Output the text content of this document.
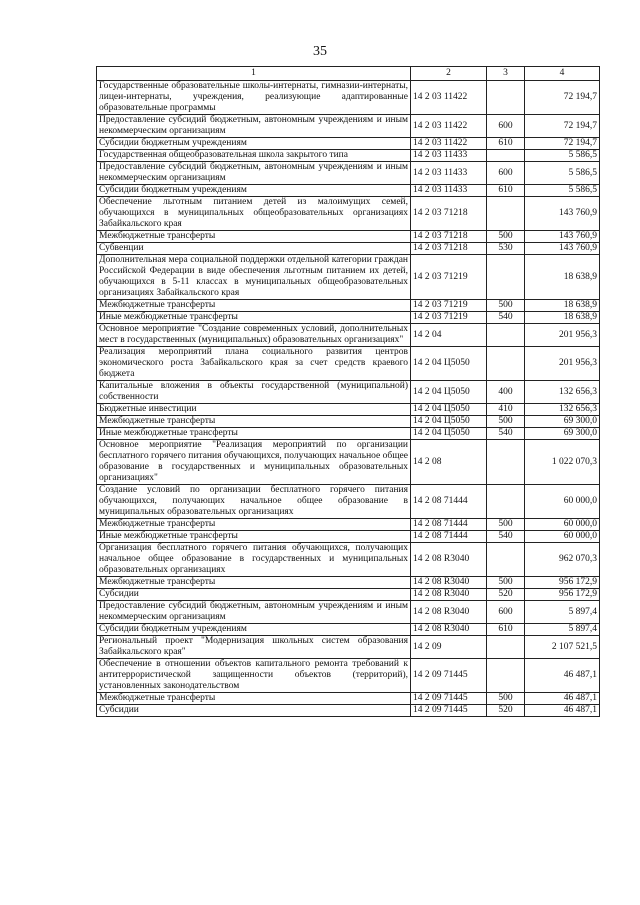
35
1	2	3	4
Государственные образовательные школы-интернаты, гимназии-интернаты, лицеи-интернаты, учреждения, реализующие адаптированные образовательные программы	14 2 03 11422		72 194,7
Предоставление субсидий бюджетным, автономным учреждениям и иным некоммерческим организациям	14 2 03 11422	600	72 194,7
Субсидии бюджетным учреждениям	14 2 03 11422	610	72 194,7
Государственная общеобразовательная школа закрытого типа	14 2 03 11433		5 586,5
Предоставление субсидий бюджетным, автономным учреждениям и иным некоммерческим организациям	14 2 03 11433	600	5 586,5
Субсидии бюджетным учреждениям	14 2 03 11433	610	5 586,5
Обеспечение льготным питанием детей из малоимущих семей, обучающихся в муниципальных общеобразовательных организациях Забайкальского края	14 2 03 71218		143 760,9
Межбюджетные трансферты	14 2 03 71218	500	143 760,9
Субвенции	14 2 03 71218	530	143 760,9
Дополнительная мера социальной поддержки отдельной категории граждан Российской Федерации в виде обеспечения льготным питанием их детей, обучающихся в 5-11 классах в муниципальных общеобразовательных организациях Забайкальского края	14 2 03 71219		18 638,9
Межбюджетные трансферты	14 2 03 71219	500	18 638,9
Иные межбюджетные трансферты	14 2 03 71219	540	18 638,9
Основное мероприятие "Создание современных условий, дополнительных мест в государственных (муниципальных) образовательных организациях"	14 2 04		201 956,3
Реализация мероприятий плана социального развития центров экономического роста Забайкальского края за счет средств краевого бюджета	14 2 04 Ц5050		201 956,3
Капитальные вложения в объекты государственной (муниципальной) собственности	14 2 04 Ц5050	400	132 656,3
Бюджетные инвестиции	14 2 04 Ц5050	410	132 656,3
Межбюджетные трансферты	14 2 04 Ц5050	500	69 300,0
Иные межбюджетные трансферты	14 2 04 Ц5050	540	69 300,0
Основное мероприятие "Реализация мероприятий по организации бесплатного горячего питания обучающихся, получающих начальное общее образование в государственных и муниципальных образовательных организациях"	14 2 08		1 022 070,3
Создание условий по организации бесплатного горячего питания обучающихся, получающих начальное общее образование в муниципальных образовательных организациях	14 2 08 71444		60 000,0
Межбюджетные трансферты	14 2 08 71444	500	60 000,0
Иные межбюджетные трансферты	14 2 08 71444	540	60 000,0
Организация бесплатного горячего питания обучающихся, получающих начальное общее образование в государственных и муниципальных образовательных организациях	14 2 08 R3040		962 070,3
Межбюджетные трансферты	14 2 08 R3040	500	956 172,9
Субсидии	14 2 08 R3040	520	956 172,9
Предоставление субсидий бюджетным, автономным учреждениям и иным некоммерческим организациям	14 2 08 R3040	600	5 897,4
Субсидии бюджетным учреждениям	14 2 08 R3040	610	5 897,4
Региональный проект "Модернизация школьных систем образования Забайкальского края"	14 2 09		2 107 521,5
Обеспечение в отношении объектов капитального ремонта требований к антитеррористической защищенности объектов (территорий), установленных законодательством	14 2 09 71445		46 487,1
Межбюджетные трансферты	14 2 09 71445	500	46 487,1
Субсидии	14 2 09 71445	520	46 487,1
